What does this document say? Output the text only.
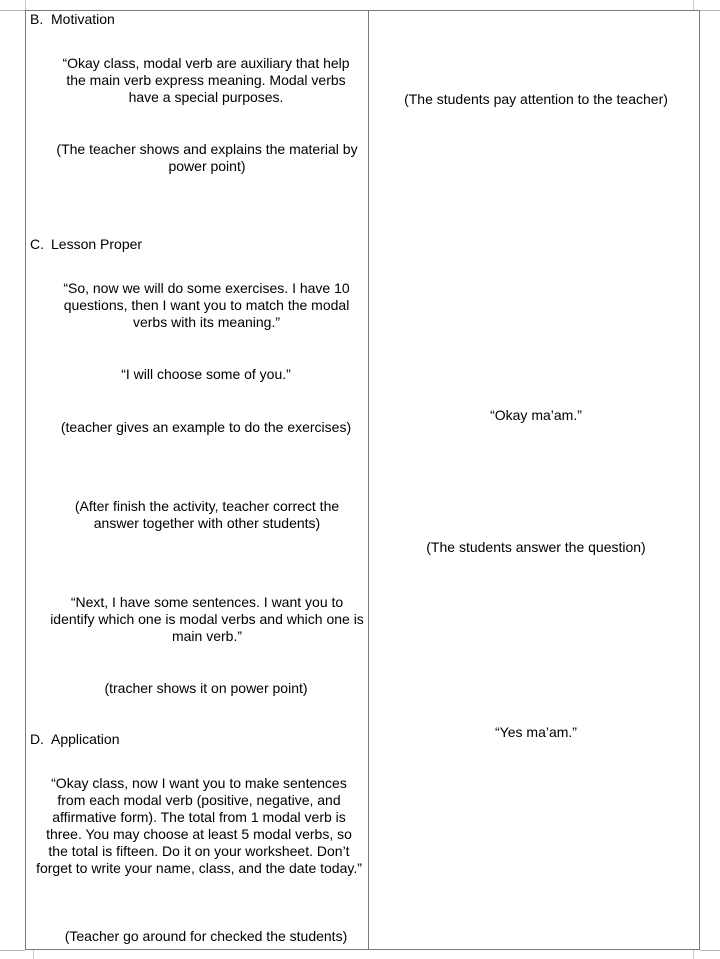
B. Motivation
“Okay class, modal verb are auxiliary that help the main verb express meaning. Modal verbs have a special purposes.
(The teacher shows and explains the material by power point)
(The students pay attention to the teacher)
C. Lesson Proper
“So, now we will do some exercises. I have 10 questions, then I want you to match the modal verbs with its meaning.”
“I will choose some of you.”
(teacher gives an example to do the exercises)
(After finish the activity, teacher correct the answer together with other students)
“Next, I have some sentences. I want you to identify which one is modal verbs and which one is main verb.”
(tracher shows it on power point)
“Okay ma’am.”
(The students answer the question)
“Yes ma’am.”
D. Application
“Okay class, now I want you to make sentences from each modal verb (positive, negative, and affirmative form). The total from 1 modal verb is three. You may choose at least 5 modal verbs, so the total is fifteen. Do it on your worksheet. Don’t forget to write your name, class, and the date today.”
(Teacher go around for checked the students)
